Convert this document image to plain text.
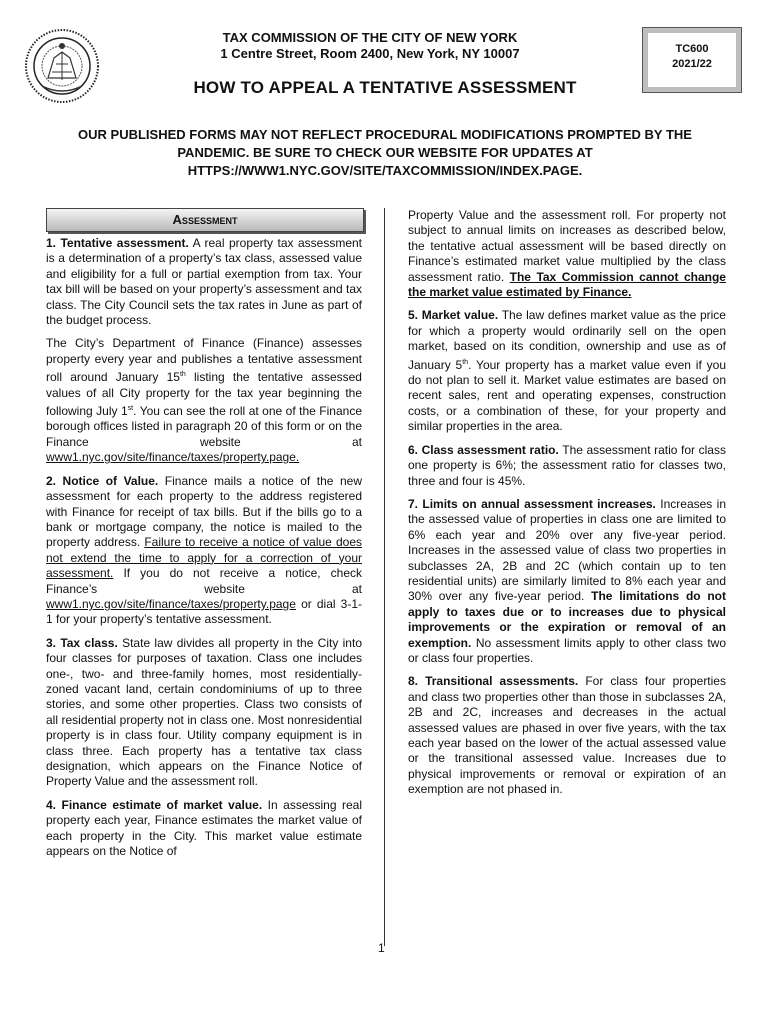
TAX COMMISSION OF THE CITY OF NEW YORK
1 Centre Street, Room 2400, New York, NY 10007
HOW TO APPEAL A TENTATIVE ASSESSMENT
TC600
2021/22
OUR PUBLISHED FORMS MAY NOT REFLECT PROCEDURAL MODIFICATIONS PROMPTED BY THE PANDEMIC. BE SURE TO CHECK OUR WEBSITE FOR UPDATES AT HTTPS://WWW1.NYC.GOV/SITE/TAXCOMMISSION/INDEX.PAGE.
Assessment

1. Tentative assessment. A real property tax assessment is a determination of a property’s tax class, assessed value and eligibility for a full or partial exemption from tax. Your tax bill will be based on your property’s assessment and tax class. The City Council sets the tax rates in June as part of the budget process.

The City’s Department of Finance (Finance) assesses property every year and publishes a tentative assessment roll around January 15th listing the tentative assessed values of all City property for the tax year beginning the following July 1st. You can see the roll at one of the Finance borough offices listed in paragraph 20 of this form or on the Finance website at www1.nyc.gov/site/finance/taxes/property.page.

2. Notice of Value. Finance mails a notice of the new assessment for each property to the address registered with Finance for receipt of tax bills. But if the bills go to a bank or mortgage company, the notice is mailed to the property address. Failure to receive a notice of value does not extend the time to apply for a correction of your assessment. If you do not receive a notice, check Finance’s website at www1.nyc.gov/site/finance/taxes/property.page or dial 3-1-1 for your property’s tentative assessment.

3. Tax class. State law divides all property in the City into four classes for purposes of taxation. Class one includes one-, two- and three-family homes, most residentially-zoned vacant land, certain condominiums of up to three stories, and some other properties. Class two consists of all residential property not in class one. Most nonresidential property is in class four. Utility company equipment is in class three. Each property has a tentative tax class designation, which appears on the Finance Notice of Property Value and the assessment roll.

4. Finance estimate of market value. In assessing real property each year, Finance estimates the market value of each property in the City. This market value estimate appears on the Notice of

Property Value and the assessment roll. For property not subject to annual limits on increases as described below, the tentative actual assessment will be based directly on Finance’s estimated market value multiplied by the class assessment ratio. The Tax Commission cannot change the market value estimated by Finance.

5. Market value. The law defines market value as the price for which a property would ordinarily sell on the open market, based on its condition, ownership and use as of January 5th. Your property has a market value even if you do not plan to sell it. Market value estimates are based on recent sales, rent and operating expenses, construction costs, or a combination of these, for your property and similar properties in the area.

6. Class assessment ratio. The assessment ratio for class one property is 6%; the assessment ratio for classes two, three and four is 45%.

7. Limits on annual assessment increases. Increases in the assessed value of properties in class one are limited to 6% each year and 20% over any five-year period. Increases in the assessed value of class two properties in subclasses 2A, 2B and 2C (which contain up to ten residential units) are similarly limited to 8% each year and 30% over any five-year period. The limitations do not apply to taxes due or to increases due to physical improvements or the expiration or removal of an exemption. No assessment limits apply to other class two or class four properties.

8. Transitional assessments. For class four properties and class two properties other than those in subclasses 2A, 2B and 2C, increases and decreases in the actual assessed values are phased in over five years, with the tax each year based on the lower of the actual assessed value or the transitional assessed value. Increases due to physical improvements or removal or expiration of an exemption are not phased in.

1
